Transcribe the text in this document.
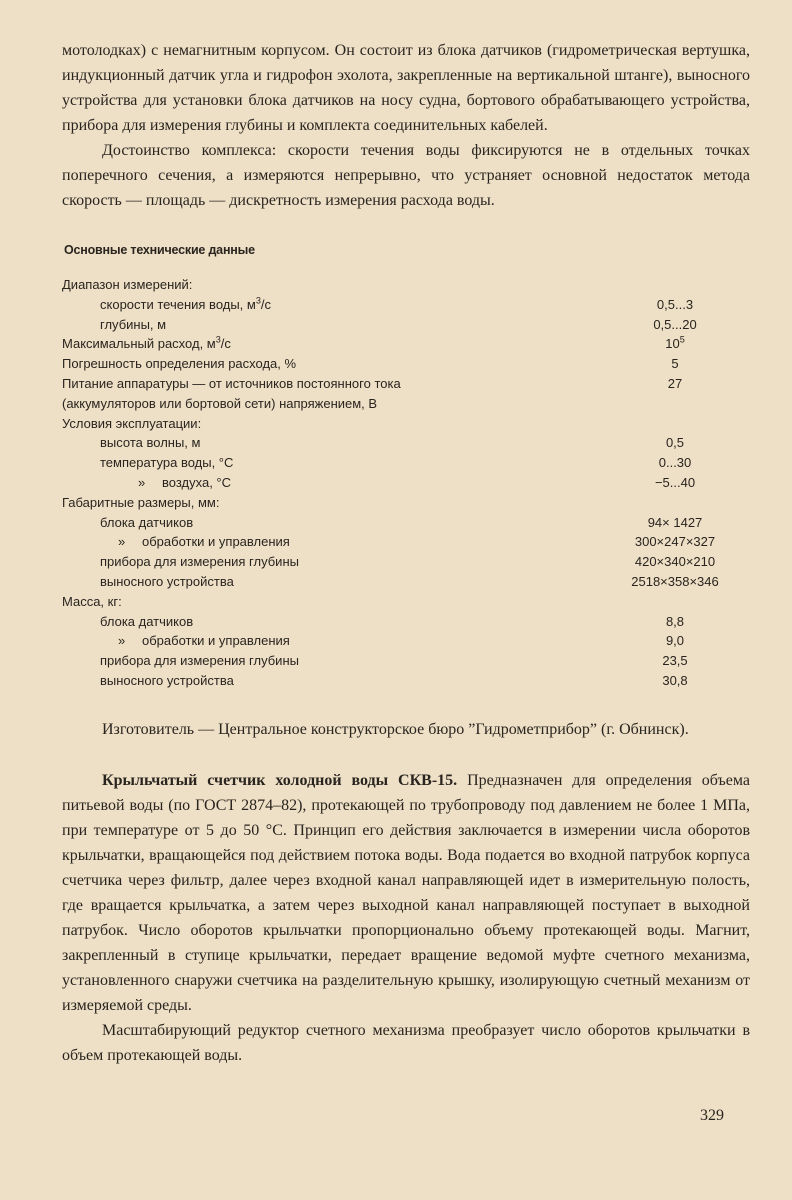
мотолодках) с немагнитным корпусом. Он состоит из блока датчиков (гидрометрическая вертушка, индукционный датчик угла и гидрофон эхолота, закрепленные на вертикальной штанге), выносного устройства для установки блока датчиков на носу судна, бортового обрабатывающего устройства, прибора для измерения глубины и комплекта соединительных кабелей.

Достоинство комплекса: скорости течения воды фиксируются не в отдельных точках поперечного сечения, а измеряются непрерывно, что устраняет основной недостаток метода скорость — площадь — дискретность измерения расхода воды.

Основные технические данные
Диапазон измерений:
скорости течения воды, $м^3/с$	0,5...3
глубины, м	0,5...20
Максимальный расход, $м^3/с$	$10^5$
Погрешность определения расхода, %	5
Питание аппаратуры — от источников постоянного тока	27
(аккумуляторов или бортовой сети) напряжением, В
Условия эксплуатации:
высота волны, м	0,5
температура воды, °С	0...30
» воздуха, °С	−5...40
Габаритные размеры, мм:
блока датчиков	94× 1427
» обработки и управления	300×247×327
прибора для измерения глубины	420×340×210
выносного устройства	2518×358×346
Масса, кг:
блока датчиков	8,8
» обработки и управления	9,0
прибора для измерения глубины	23,5
выносного устройства	30,8

Изготовитель — Центральное конструкторское бюро ”Гидрометприбор” (г. Обнинск).

Крыльчатый счетчик холодной воды СКВ-15. Предназначен для определения объема питьевой воды (по ГОСТ 2874–82), протекающей по трубопроводу под давлением не более 1 МПа, при температуре от 5 до 50 °С. Принцип его действия заключается в измерении числа оборотов крыльчатки, вращающейся под действием потока воды. Вода подается во входной патрубок корпуса счетчика через фильтр, далее через входной канал направляющей идет в измерительную полость, где вращается крыльчатка, а затем через выходной канал направляющей поступает в выходной патрубок. Число оборотов крыльчатки пропорционально объему протекающей воды. Магнит, закрепленный в ступице крыльчатки, передает вращение ведомой муфте счетного механизма, установленного снаружи счетчика на разделительную крышку, изолирующую счетный механизм от измеряемой среды.

Масштабирующий редуктор счетного механизма преобразует число оборотов крыльчатки в объем протекающей воды.

329
